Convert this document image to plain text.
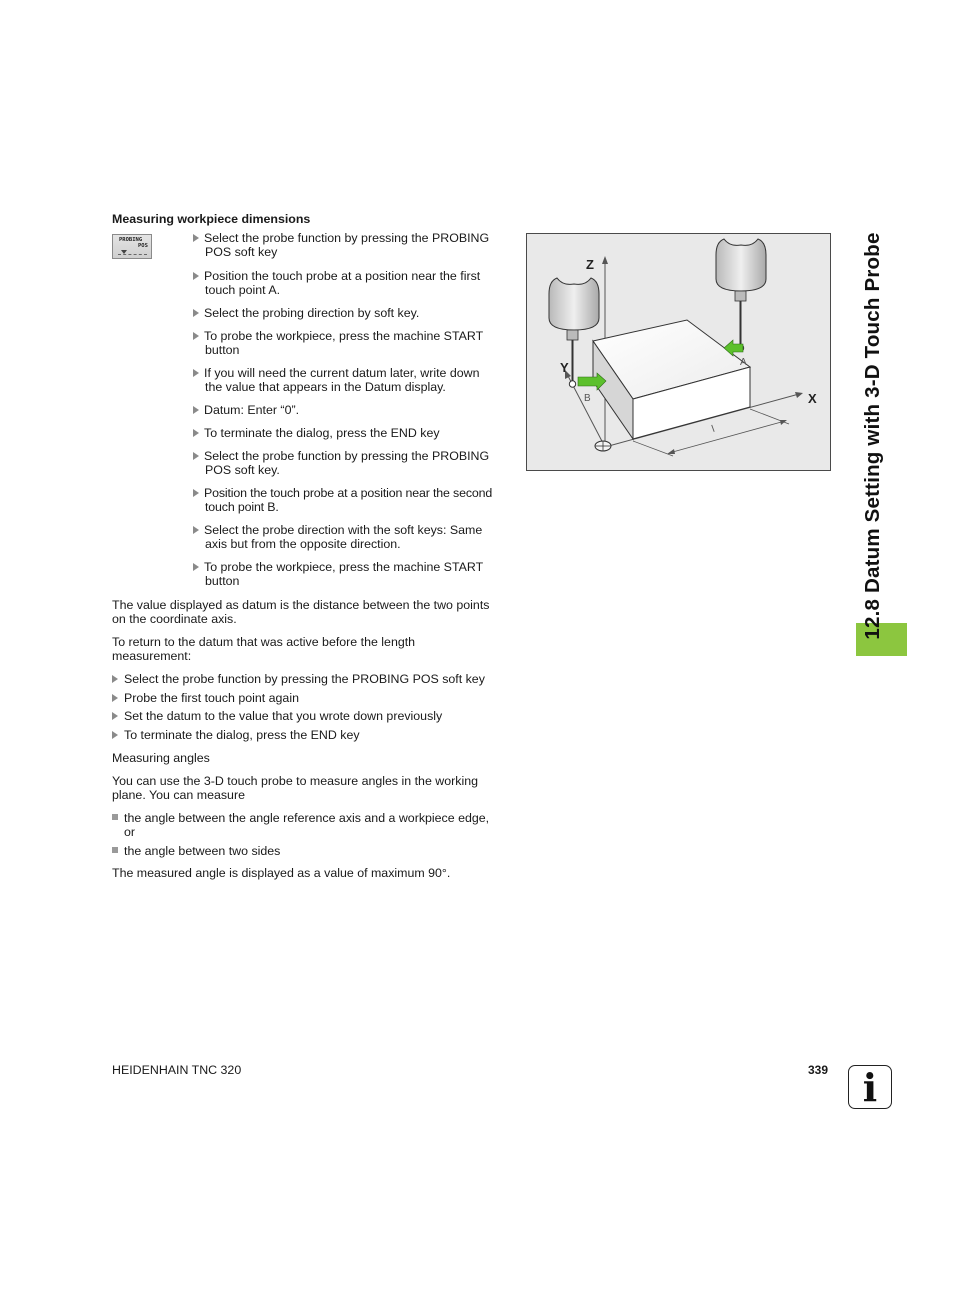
Measuring workpiece dimensions
PROBING
POS
Select the probe function by pressing the PROBING
POS soft key
Position the touch probe at a position near the first
touch point A.
Select the probing direction by soft key.
To probe the workpiece, press the machine START
button
If you will need the current datum later, write down
the value that appears in the Datum display.
Datum: Enter “0”.
To terminate the dialog, press the END key
Select the probe function by pressing the PROBING
POS soft key.
Position the touch probe at a position near the second
touch point B.
Select the probe direction with the soft keys: Same
axis but from the opposite direction.
To probe the workpiece, press the machine START
button
The value displayed as datum is the distance between the two points
on the coordinate axis.
To return to the datum that was active before the length
measurement:
Select the probe function by pressing the PROBING POS soft key
Probe the first touch point again
Set the datum to the value that you wrote down previously
To terminate the dialog, press the END key
Measuring angles
You can use the 3-D touch probe to measure angles in the working
plane. You can measure
the angle between the angle reference axis and a workpiece edge,
or
the angle between two sides
The measured angle is displayed as a value of maximum 90°.
Z
Y
X
A
B
l	12.8 Datum Setting with 3-D Touch Probe
HEIDENHAIN TNC 320	339 i
